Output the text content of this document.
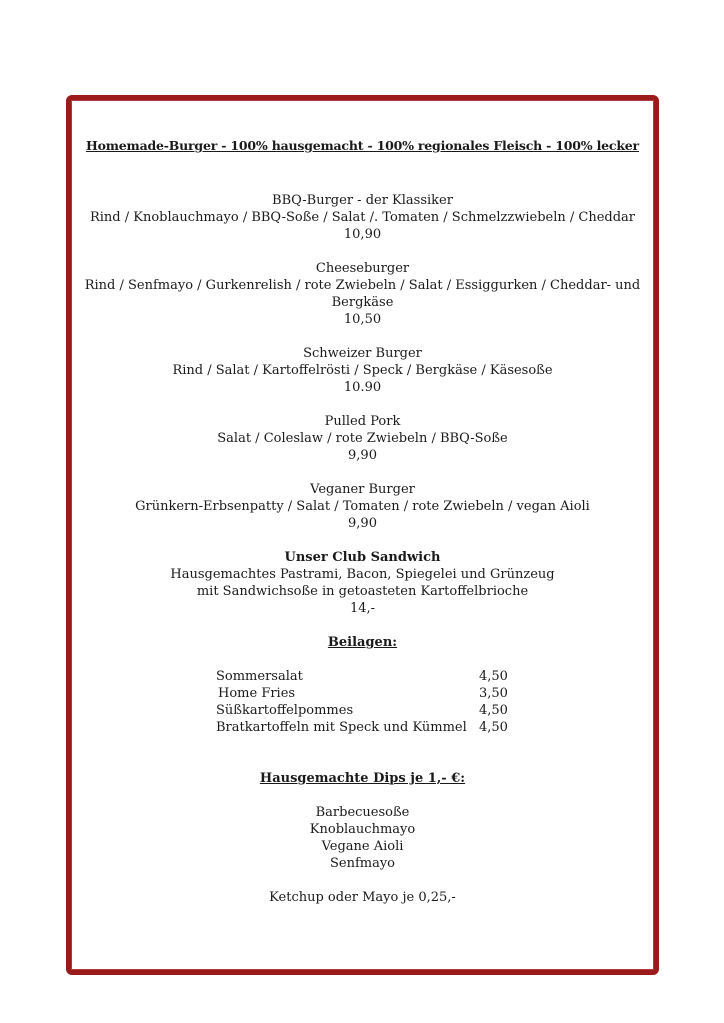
Homemade-Burger - 100% hausgemacht - 100% regionales Fleisch - 100% lecker
BBQ-Burger - der Klassiker
Rind / Knoblauchmayo / BBQ-Soße / Salat /. Tomaten / Schmelzzwiebeln / Cheddar
10,90
Cheeseburger
Rind / Senfmayo / Gurkenrelish / rote Zwiebeln / Salat / Essiggurken / Cheddar- und
Bergkäse
10,50
Schweizer Burger
Rind / Salat / Kartoffelrösti / Speck / Bergkäse / Käsesoße
10.90
Pulled Pork
Salat / Coleslaw / rote Zwiebeln / BBQ-Soße
9,90
Veganer Burger
Grünkern-Erbsenpatty / Salat / Tomaten / rote Zwiebeln / vegan Aioli
9,90
Unser Club Sandwich
Hausgemachtes Pastrami, Bacon, Spiegelei und Grünzeug
mit Sandwichsoße in getoasteten Kartoffelbrioche
14,-
Beilagen:
Sommersalat	4,50
Home Fries	3,50
Süßkartoffelpommes	4,50
Bratkartoffeln mit Speck und Kümmel 4,50
Hausgemachte Dips je 1,- €:
Barbecuesoße
Knoblauchmayo
Vegane Aioli
Senfmayo
Ketchup oder Mayo je 0,25,-
